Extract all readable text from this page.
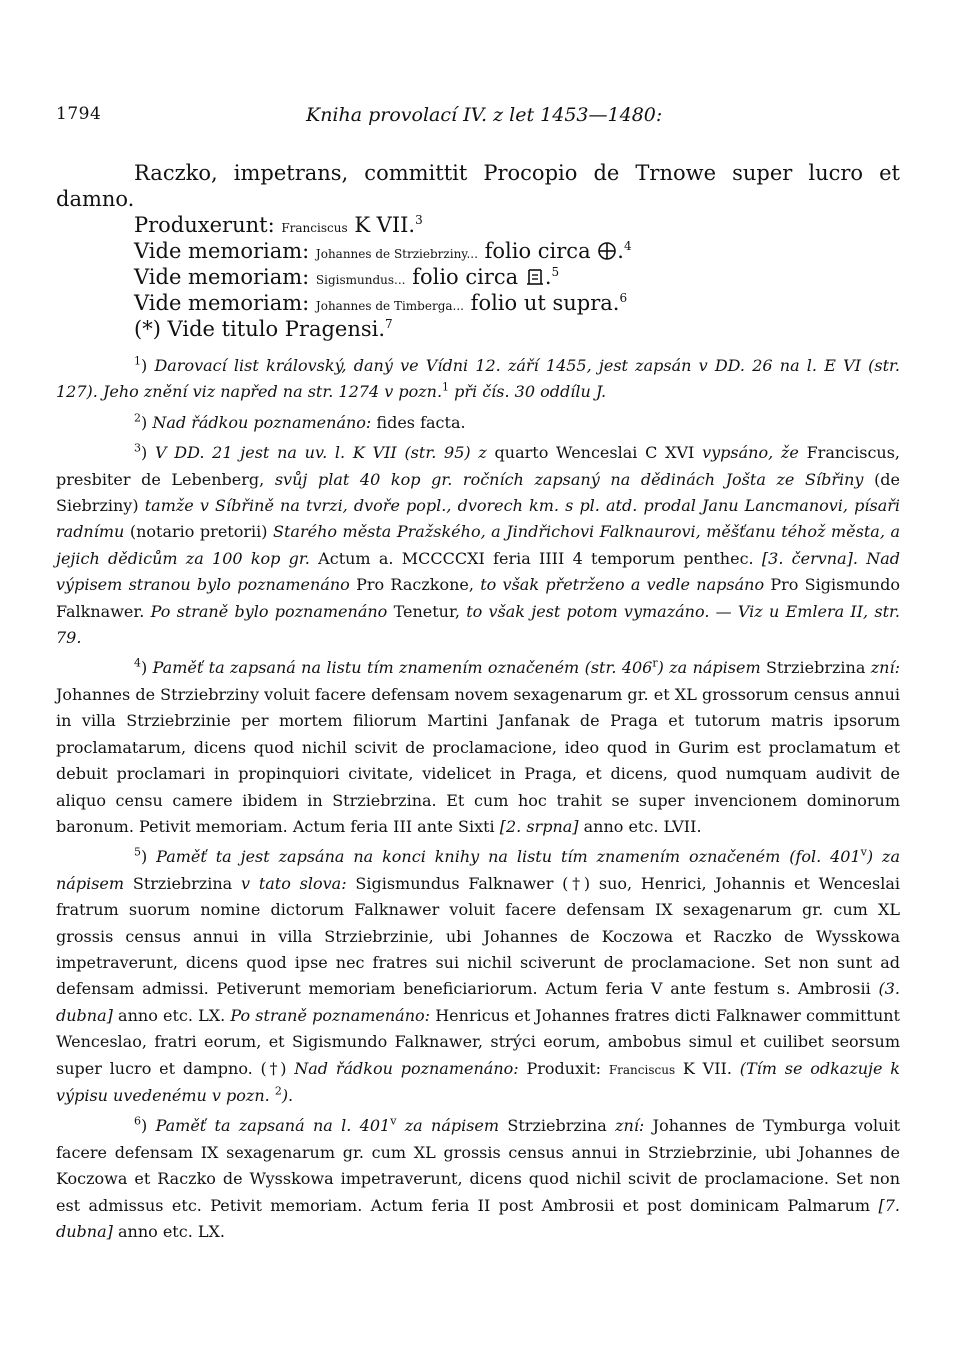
1794	Kniha provolací IV. z let 1453—1480:
Raczko, impetrans, committit Procopio de Trnowe super lucro et
damno.
Produxerunt: Franciscus K VII.$^3$
Vide memoriam: Johannes de Strziebrziny... folio circa .$^4$
Vide memoriam: Sigismundus... folio circa .$^5$
Vide memoriam: Johannes de Timberga... folio ut supra.$^6$
(*) Vide titulo Pragensi.$^7$

$^1$) Darovací list královský, daný ve Vídni 12. září 1455, jest zapsán v DD. 26 na l. E VI (str. 127). Jeho znění viz napřed na str. 1274 v pozn.$^1$ při čís. 30 oddílu J.

$^2$) Nad řádkou poznamenáno: fides facta.

$^3$) V DD. 21 jest na uv. l. K VII (str. 95) z quarto Wenceslai C XVI vypsáno, že Franciscus, presbiter de Lebenberg, svůj plat 40 kop gr. ročních zapsaný na dědinách Jošta ze Síbřiny (de Siebrziny) tamže v Síbřině na tvrzi, dvoře popl., dvorech km. s pl. atd. prodal Janu Lancmanovi, písaři radnímu (notario pretorii) Starého města Pražského, a Jindřichovi Falknaurovi, měšťanu téhož města, a jejich dědicům za 100 kop gr. Actum a. MCCCCXI feria IIII 4 temporum penthec. [3. června]. Nad výpisem stranou bylo poznamenáno Pro Raczkone, to však přetrženo a vedle napsáno Pro Sigismundo Falknawer. Po straně bylo poznamenáno Tenetur, to však jest potom vymazáno. — Viz u Emlera II, str. 79.

$^4$) Paměť ta zapsaná na listu tím znamením označeném (str. 406$^r$) za nápisem Strziebrzina zní: Johannes de Strziebrziny voluit facere defensam novem sexagenarum gr. et XL grossorum census annui in villa Strziebrzinie per mortem filiorum Martini Janfanak de Praga et tutorum matris ipsorum proclamatarum, dicens quod nichil scivit de proclamacione, ideo quod in Gurim est proclamatum et debuit proclamari in propinquiori civitate, videlicet in Praga, et dicens, quod numquam audivit de aliquo censu camere ibidem in Strziebrzina. Et cum hoc trahit se super invencionem dominorum baronum. Petivit memoriam. Actum feria III ante Sixti [2. srpna] anno etc. LVII.

$^5$) Paměť ta jest zapsána na konci knihy na listu tím znamením označeném (fol. 401$^v$) za nápisem Strziebrzina v tato slova: Sigismundus Falknawer (†) suo, Henrici, Johannis et Wenceslai fratrum suorum nomine dictorum Falknawer voluit facere defensam IX sexagenarum gr. cum XL grossis census annui in villa Strziebrzinie, ubi Johannes de Koczowa et Raczko de Wysskowa impetraverunt, dicens quod ipse nec fratres sui nichil sciverunt de proclamacione. Set non sunt ad defensam admissi. Petiverunt memoriam beneficiariorum. Actum feria V ante festum s. Ambrosii (3. dubna] anno etc. LX. Po straně poznamenáno: Henricus et Johannes fratres dicti Falknawer committunt Wenceslao, fratri eorum, et Sigismundo Falknawer, strýci eorum, ambobus simul et cuilibet seorsum super lucro et dampno. (†) Nad řádkou poznamenáno: Produxit: Franciscus K VII. (Tím se odkazuje k výpisu uvedenému v pozn. $^2$).

$^6$) Paměť ta zapsaná na l. 401$^v$ za nápisem Strziebrzina zní: Johannes de Tymburga voluit facere defensam IX sexagenarum gr. cum XL grossis census annui in Strziebrzinie, ubi Johannes de Koczowa et Raczko de Wysskowa impetraverunt, dicens quod nichil scivit de proclamacione. Set non est admissus etc. Petivit memoriam. Actum feria II post Ambrosii et post dominicam Palmarum [7. dubna] anno etc. LX.
